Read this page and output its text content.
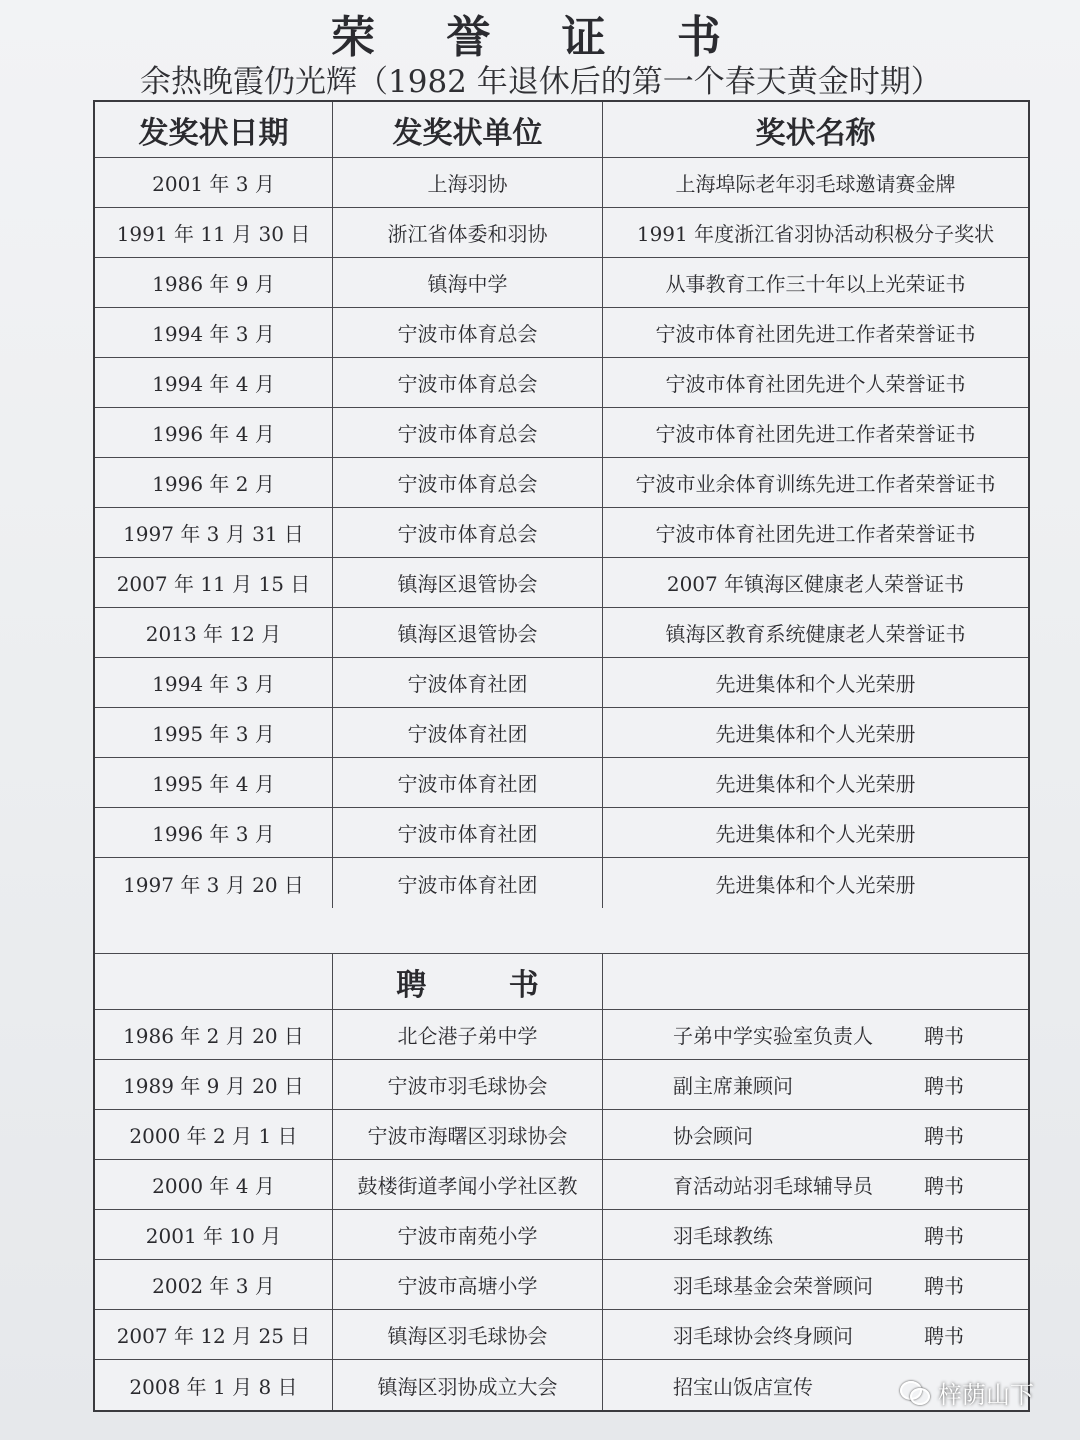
荣 誉 证 书
余热晚霞仍光辉（1982 年退休后的第一个春天黄金时期）
发奖状日期	发奖状单位	奖状名称
2001 年 3 月	上海羽协	上海埠际老年羽毛球邀请赛金牌
1991 年 11 月 30 日	浙江省体委和羽协	1991 年度浙江省羽协活动积极分子奖状
1986 年 9 月	镇海中学	从事教育工作三十年以上光荣证书
1994 年 3 月	宁波市体育总会	宁波市体育社团先进工作者荣誉证书
1994 年 4 月	宁波市体育总会	宁波市体育社团先进个人荣誉证书
1996 年 4 月	宁波市体育总会	宁波市体育社团先进工作者荣誉证书
1996 年 2 月	宁波市体育总会	宁波市业余体育训练先进工作者荣誉证书
1997 年 3 月 31 日	宁波市体育总会	宁波市体育社团先进工作者荣誉证书
2007 年 11 月 15 日	镇海区退管协会	2007 年镇海区健康老人荣誉证书
2013 年 12 月	镇海区退管协会	镇海区教育系统健康老人荣誉证书
1994 年 3 月	宁波体育社团	先进集体和个人光荣册
1995 年 3 月	宁波体育社团	先进集体和个人光荣册
1995 年 4 月	宁波市体育社团	先进集体和个人光荣册
1996 年 3 月	宁波市体育社团	先进集体和个人光荣册
1997 年 3 月 20 日	宁波市体育社团	先进集体和个人光荣册
聘 书
1986 年 2 月 20 日	北仑港子弟中学	子弟中学实验室负责人	聘书
1989 年 9 月 20 日	宁波市羽毛球协会	副主席兼顾问	聘书
2000 年 2 月 1 日	宁波市海曙区羽球协会	协会顾问	聘书
2000 年 4 月	鼓楼街道孝闻小学社区教	育活动站羽毛球辅导员	聘书
2001 年 10 月	宁波市南苑小学	羽毛球教练	聘书
2002 年 3 月	宁波市高塘小学	羽毛球基金会荣誉顾问	聘书
2007 年 12 月 25 日	镇海区羽毛球协会	羽毛球协会终身顾问	聘书
2008 年 1 月 8 日	镇海区羽协成立大会	招宝山饭店宣传	梓荫山下
